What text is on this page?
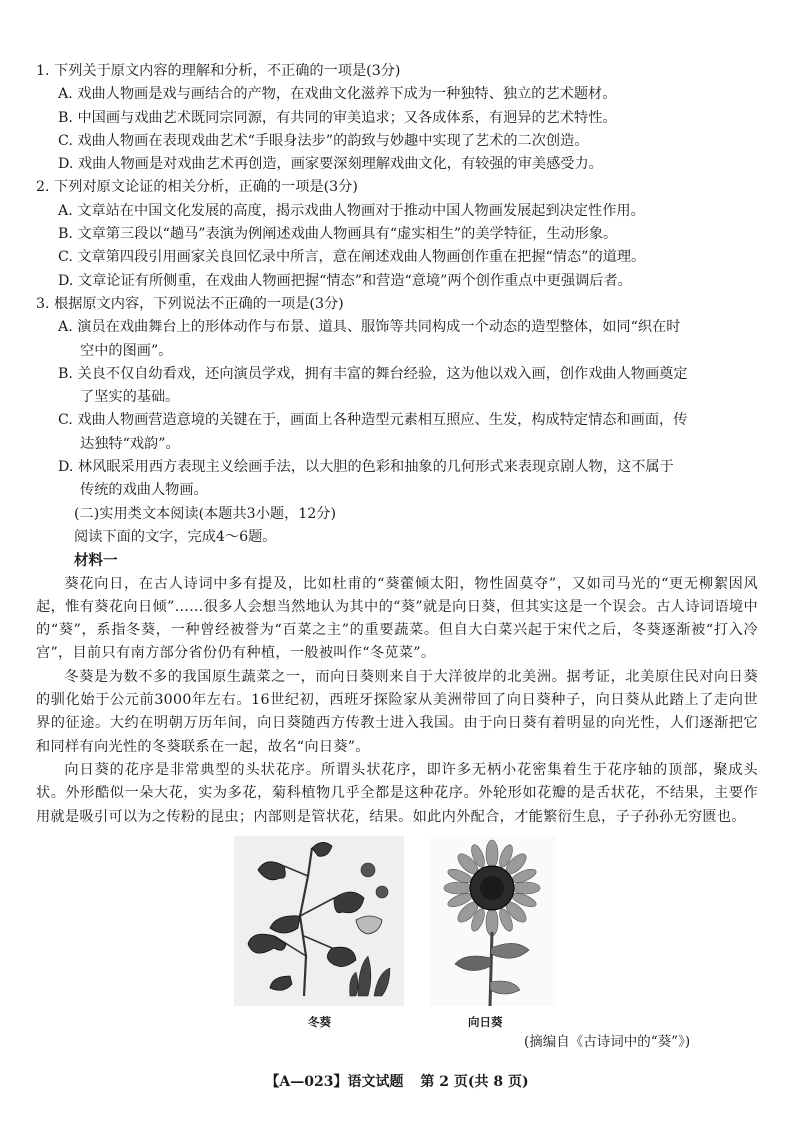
1. 下列关于原文内容的理解和分析，不正确的一项是(3分)
A. 戏曲人物画是戏与画结合的产物，在戏曲文化滋养下成为一种独特、独立的艺术题材。
B. 中国画与戏曲艺术既同宗同源，有共同的审美追求；又各成体系，有迥异的艺术特性。
C. 戏曲人物画在表现戏曲艺术“手眼身法步”的韵致与妙趣中实现了艺术的二次创造。
D. 戏曲人物画是对戏曲艺术再创造，画家要深刻理解戏曲文化，有较强的审美感受力。
2. 下列对原文论证的相关分析，正确的一项是(3分)
A. 文章站在中国文化发展的高度，揭示戏曲人物画对于推动中国人物画发展起到决定性作用。
B. 文章第三段以“趟马”表演为例阐述戏曲人物画具有“虚实相生”的美学特征，生动形象。
C. 文章第四段引用画家关良回忆录中所言，意在阐述戏曲人物画创作重在把握“情态”的道理。
D. 文章论证有所侧重，在戏曲人物画把握“情态”和营造“意境”两个创作重点中更强调后者。
3. 根据原文内容，下列说法不正确的一项是(3分)
A. 演员在戏曲舞台上的形体动作与布景、道具、服饰等共同构成一个动态的造型整体，如同“织在时
空中的图画”。
B. 关良不仅自幼看戏，还向演员学戏，拥有丰富的舞台经验，这为他以戏入画，创作戏曲人物画奠定
了坚实的基础。
C. 戏曲人物画营造意境的关键在于，画面上各种造型元素相互照应、生发，构成特定情态和画面，传
达独特“戏韵”。
D. 林风眠采用西方表现主义绘画手法，以大胆的色彩和抽象的几何形式来表现京剧人物，这不属于
传统的戏曲人物画。
(二)实用类文本阅读(本题共3小题，12分)
阅读下面的文字，完成4～6题。
材料一
葵花向日，在古人诗词中多有提及，比如杜甫的“葵藿倾太阳，物性固莫夺”，又如司马光的“更无柳絮因风起，惟有葵花向日倾”……很多人会想当然地认为其中的“葵”就是向日葵，但其实这是一个误会。古人诗词语境中的“葵”，系指冬葵，一种曾经被誉为“百菜之主”的重要蔬菜。但自大白菜兴起于宋代之后，冬葵逐渐被“打入冷宫”，目前只有南方部分省份仍有种植，一般被叫作“冬苋菜”。
冬葵是为数不多的我国原生蔬菜之一，而向日葵则来自于大洋彼岸的北美洲。据考证，北美原住民对向日葵的驯化始于公元前3000年左右。16世纪初，西班牙探险家从美洲带回了向日葵种子，向日葵从此踏上了走向世界的征途。大约在明朝万历年间，向日葵随西方传教士进入我国。由于向日葵有着明显的向光性，人们逐渐把它和同样有向光性的冬葵联系在一起，故名“向日葵”。
向日葵的花序是非常典型的头状花序。所谓头状花序，即许多无柄小花密集着生于花序轴的顶部，聚成头状。外形酷似一朵大花，实为多花，菊科植物几乎全都是这种花序。外轮形如花瓣的是舌状花，不结果，主要作用就是吸引可以为之传粉的昆虫；内部则是管状花，结果。如此内外配合，才能繁衍生息，子子孙孙无穷匮也。
冬葵	向日葵
(摘编自《古诗词中的“葵”》)
【A—023】语文试题 第 2 页(共 8 页)
